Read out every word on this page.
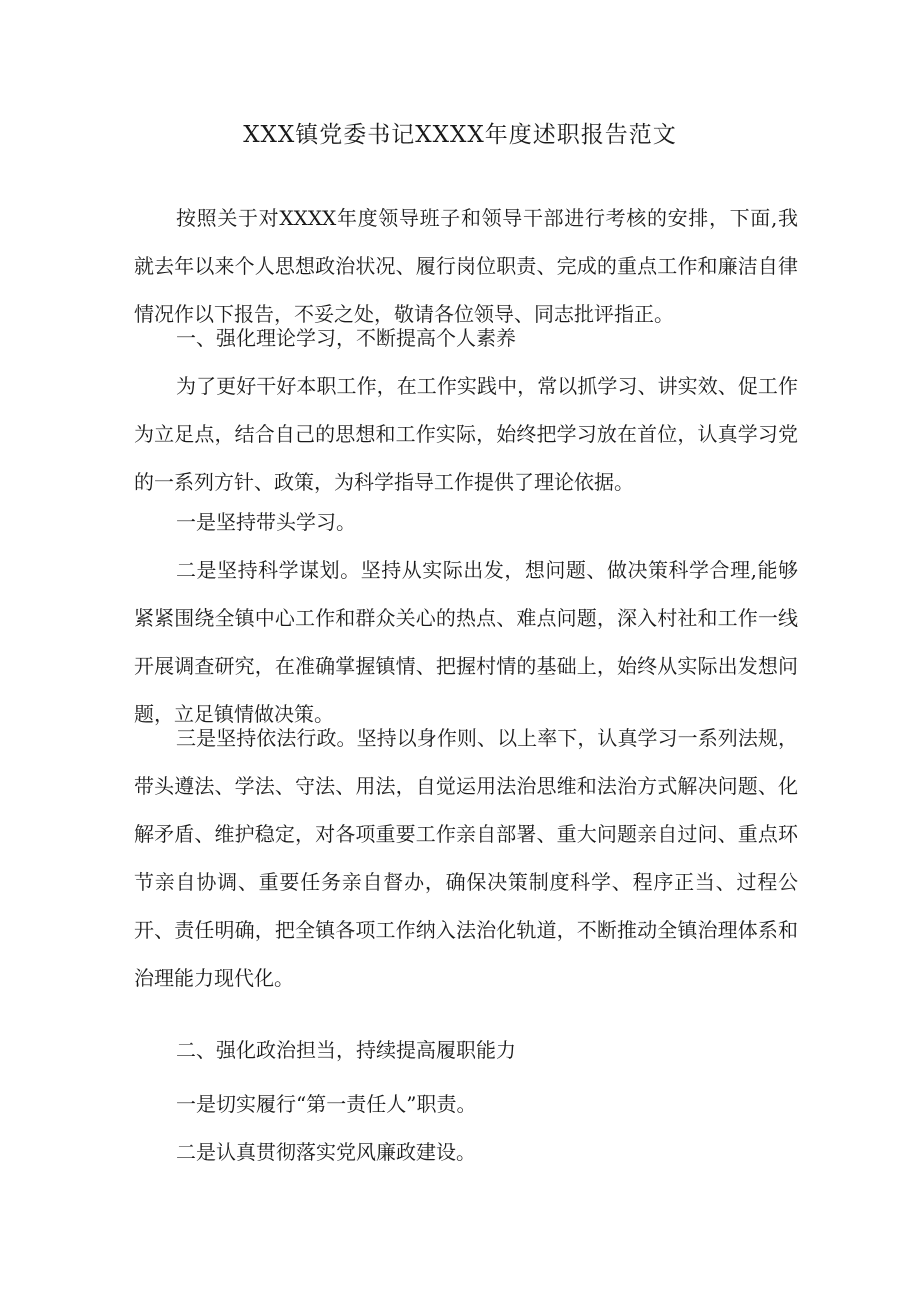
XXX镇党委书记XXXX年度述职报告范文

按照关于对XXXX年度领导班子和领导干部进行考核的安排，下面,我就去年以来个人思想政治状况、履行岗位职责、完成的重点工作和廉洁自律情况作以下报告，不妥之处，敬请各位领导、同志批评指正。

一、强化理论学习，不断提高个人素养

为了更好干好本职工作，在工作实践中，常以抓学习、讲实效、促工作为立足点，结合自己的思想和工作实际，始终把学习放在首位，认真学习党的一系列方针、政策，为科学指导工作提供了理论依据。

一是坚持带头学习。

二是坚持科学谋划。坚持从实际出发，想问题、做决策科学合理,能够紧紧围绕全镇中心工作和群众关心的热点、难点问题，深入村社和工作一线开展调查研究，在准确掌握镇情、把握村情的基础上，始终从实际出发想问题，立足镇情做决策。

三是坚持依法行政。坚持以身作则、以上率下，认真学习一系列法规，带头遵法、学法、守法、用法，自觉运用法治思维和法治方式解决问题、化解矛盾、维护稳定，对各项重要工作亲自部署、重大问题亲自过问、重点环节亲自协调、重要任务亲自督办，确保决策制度科学、程序正当、过程公开、责任明确，把全镇各项工作纳入法治化轨道，不断推动全镇治理体系和治理能力现代化。

二、强化政治担当，持续提高履职能力

一是切实履行“第一责任人”职责。

二是认真贯彻落实党风廉政建设。
